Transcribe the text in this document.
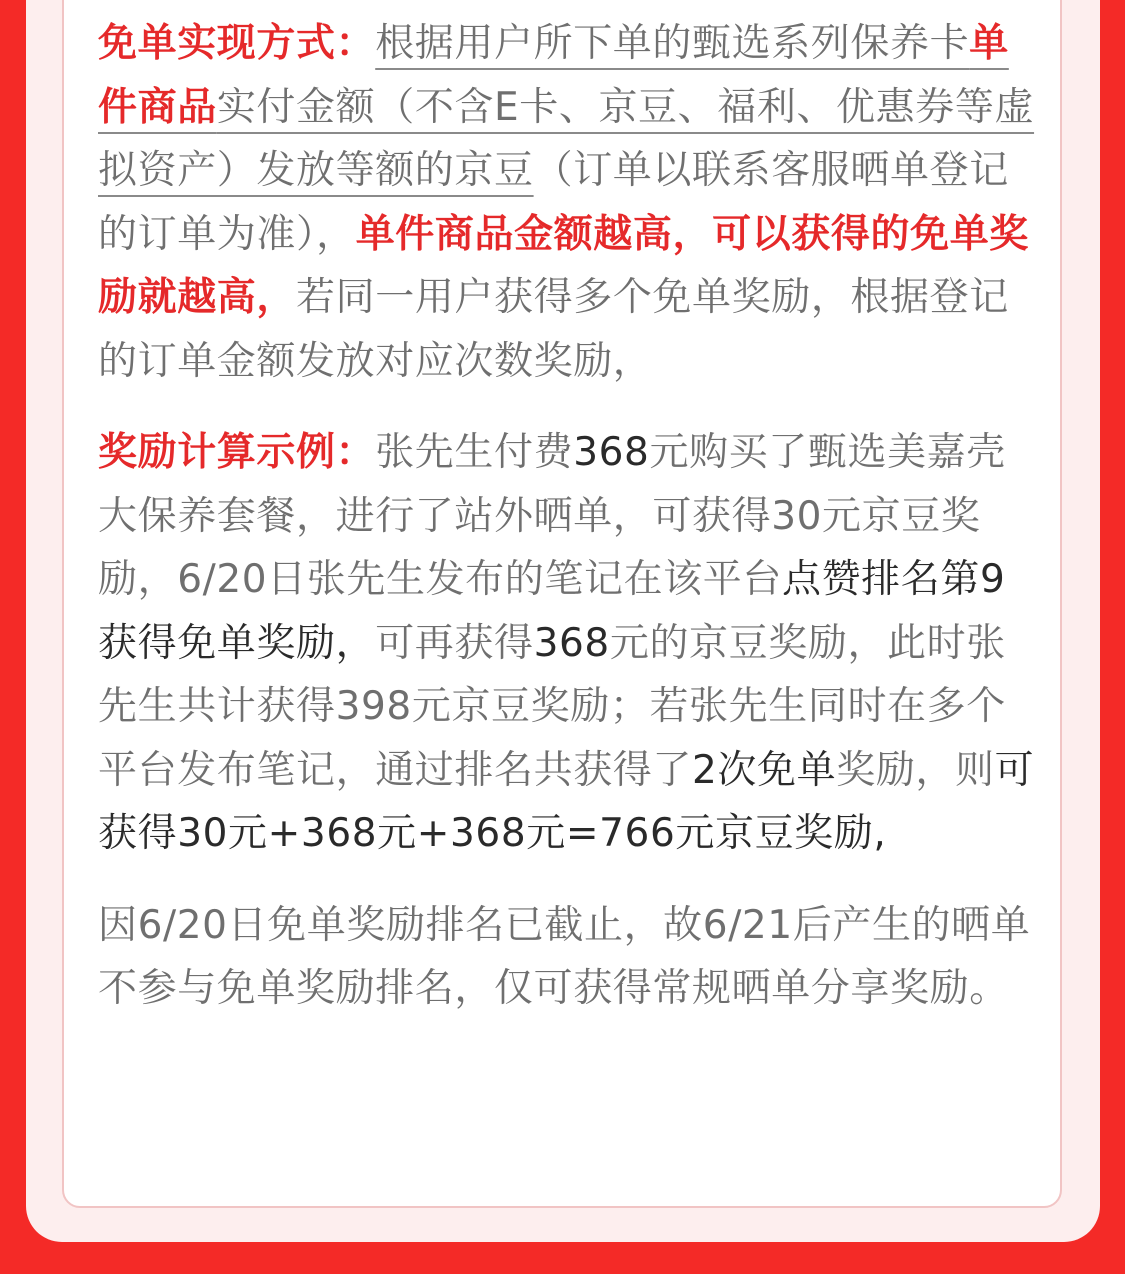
免单实现方式：根据用户所下单的甄选系列保养卡单件商品实付金额（不含E卡、京豆、福利、优惠券等虚拟资产）发放等额的京豆（订单以联系客服晒单登记的订单为准），单件商品金额越高，可以获得的免单奖励就越高，若同一用户获得多个免单奖励，根据登记的订单金额发放对应次数奖励，

奖励计算示例：张先生付费368元购买了甄选美嘉壳大保养套餐，进行了站外晒单，可获得30元京豆奖励，6/20日张先生发布的笔记在该平台点赞排名第9获得免单奖励，可再获得368元的京豆奖励，此时张先生共计获得398元京豆奖励；若张先生同时在多个平台发布笔记，通过排名共获得了2次免单奖励，则可获得30元+368元+368元=766元京豆奖励,

因6/20日免单奖励排名已截止，故6/21后产生的晒单不参与免单奖励排名，仅可获得常规晒单分享奖励。
